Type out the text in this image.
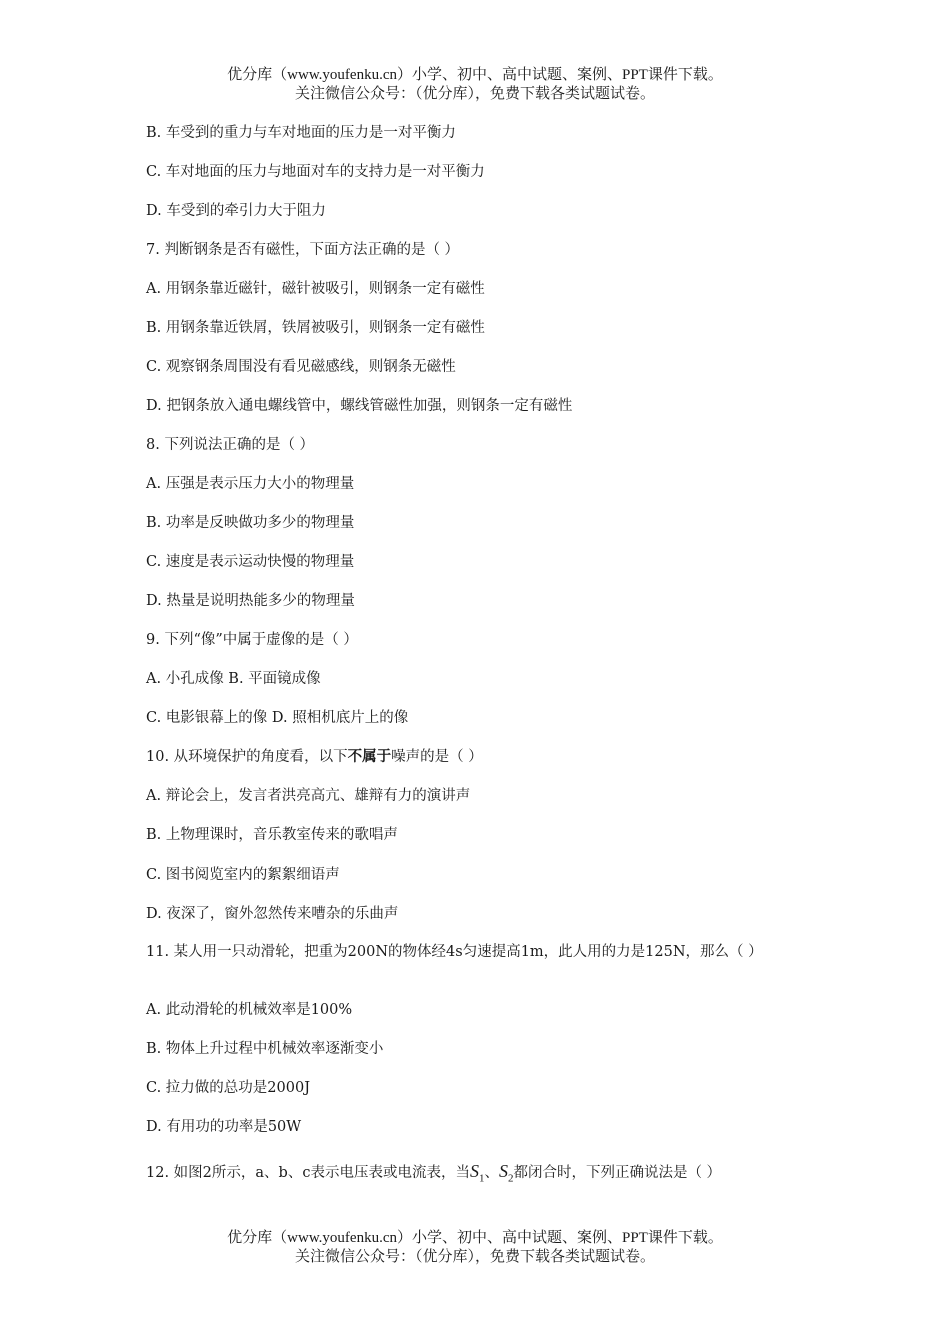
优分库（www.youfenku.cn）小学、初中、高中试题、案例、PPT课件下载。
关注微信公众号：（优分库），免费下载各类试题试卷。
B. 车受到的重力与车对地面的压力是一对平衡力
C. 车对地面的压力与地面对车的支持力是一对平衡力
D. 车受到的牵引力大于阻力
7. 判断钢条是否有磁性，下面方法正确的是（ ）
A. 用钢条靠近磁针，磁针被吸引，则钢条一定有磁性
B. 用钢条靠近铁屑，铁屑被吸引，则钢条一定有磁性
C. 观察钢条周围没有看见磁感线，则钢条无磁性
D. 把钢条放入通电螺线管中，螺线管磁性加强，则钢条一定有磁性
8. 下列说法正确的是（ ）
A. 压强是表示压力大小的物理量
B. 功率是反映做功多少的物理量
C. 速度是表示运动快慢的物理量
D. 热量是说明热能多少的物理量
9. 下列“像”中属于虚像的是（ ）
A. 小孔成像 B. 平面镜成像
C. 电影银幕上的像 D. 照相机底片上的像
10. 从环境保护的角度看，以下不属于噪声的是（ ）
A. 辩论会上，发言者洪亮高亢、雄辩有力的演讲声
B. 上物理课时，音乐教室传来的歌唱声
C. 图书阅览室内的絮絮细语声
D. 夜深了，窗外忽然传来嘈杂的乐曲声
11. 某人用一只动滑轮，把重为200N的物体经4s匀速提高1m，此人用的力是125N，那么（ ）
A. 此动滑轮的机械效率是100%
B. 物体上升过程中机械效率逐渐变小
C. 拉力做的总功是2000J
D. 有用功的功率是50W
12. 如图2所示，a、b、c表示电压表或电流表，当$S_1$、$S_2$都闭合时，下列正确说法是（ ）
优分库（www.youfenku.cn）小学、初中、高中试题、案例、PPT课件下载。
关注微信公众号：（优分库），免费下载各类试题试卷。
